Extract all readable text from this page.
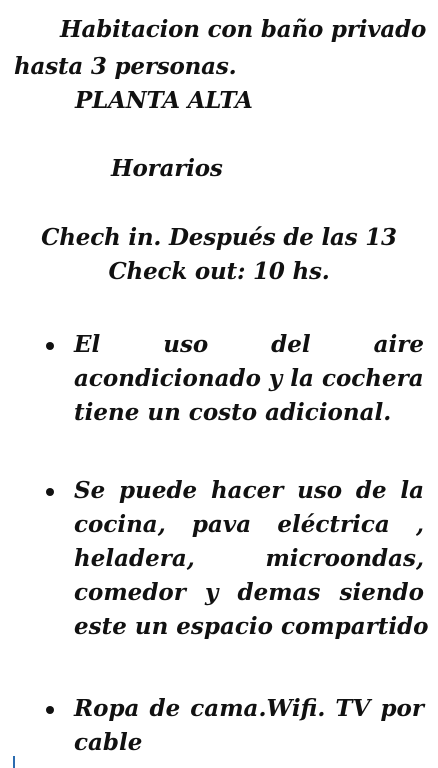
Habitacion con baño privado
hasta 3 personas.
PLANTA ALTA
Horarios
Chech in. Después de las 13
Check out: 10 hs.
El	uso	del	aire
acondicionado y la cochera
tiene un costo adicional.
Se puede hacer uso de la
cocina, pava eléctrica ,
heladera,	microondas,
comedor y demas siendo
este un espacio compartido
Ropa de cama.Wifi. TV por
cable
